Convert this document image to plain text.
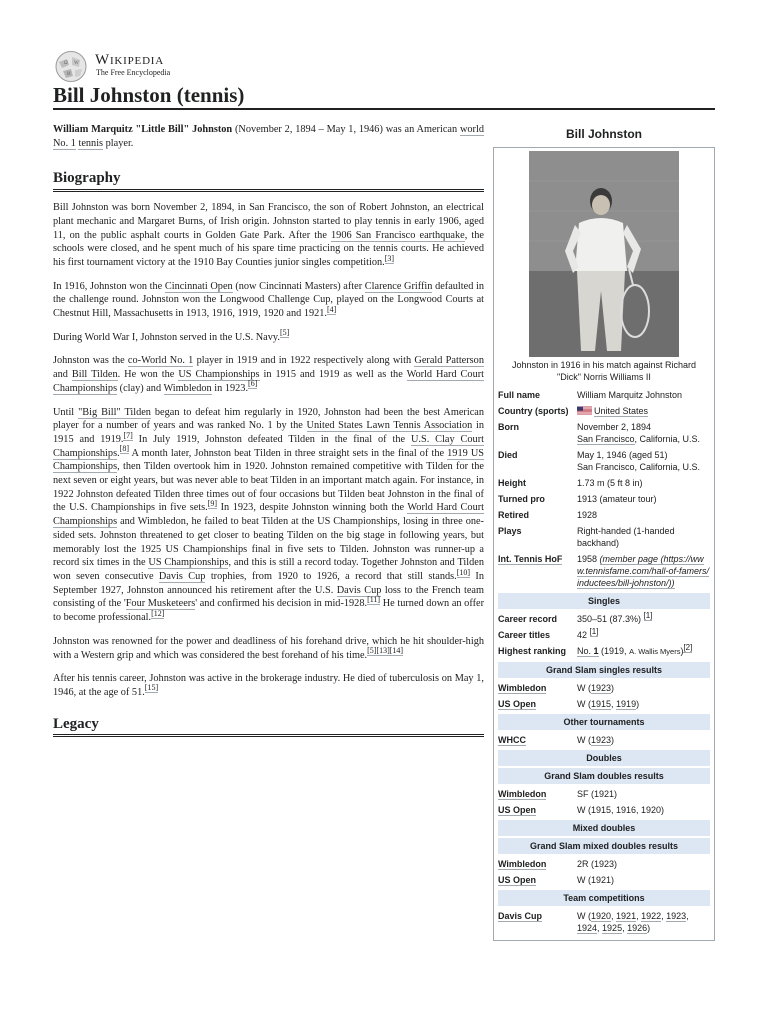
Ω W
И
Wikipedia
The Free Encyclopedia
Bill Johnston (tennis)

William Marquitz "Little Bill" Johnston (November 2, 1894 – May 1, 1946) was an American world No. 1 tennis player.

Biography

Bill Johnston was born November 2, 1894, in San Francisco, the son of Robert Johnston, an electrical plant mechanic and Margaret Burns, of Irish origin. Johnston started to play tennis in early 1906, aged 11, on the public asphalt courts in Golden Gate Park. After the 1906 San Francisco earthquake, the schools were closed, and he spent much of his spare time practicing on the tennis courts. He achieved his first tournament victory at the 1910 Bay Counties junior singles competition.[3]

In 1916, Johnston won the Cincinnati Open (now Cincinnati Masters) after Clarence Griffin defaulted in the challenge round. Johnston won the Longwood Challenge Cup, played on the Longwood Courts at Chestnut Hill, Massachusetts in 1913, 1916, 1919, 1920 and 1921.[4]

During World War I, Johnston served in the U.S. Navy.[5]

Johnston was the co-World No. 1 player in 1919 and in 1922 respectively along with Gerald Patterson and Bill Tilden. He won the US Championships in 1915 and 1919 as well as the World Hard Court Championships (clay) and Wimbledon in 1923.[6]

Until "Big Bill" Tilden began to defeat him regularly in 1920, Johnston had been the best American player for a number of years and was ranked No. 1 by the United States Lawn Tennis Association in 1915 and 1919.[7] In July 1919, Johnston defeated Tilden in the final of the U.S. Clay Court Championships.[8] A month later, Johnston beat Tilden in three straight sets in the final of the 1919 US Championships, then Tilden overtook him in 1920. Johnston remained competitive with Tilden for the next seven or eight years, but was never able to beat Tilden in an important match again. For instance, in 1922 Johnston defeated Tilden three times out of four occasions but Tilden beat Johnston in the final of the U.S. Championships in five sets.[9] In 1923, despite Johnston winning both the World Hard Court Championships and Wimbledon, he failed to beat Tilden at the US Championships, losing in three one-sided sets. Johnston threatened to get closer to beating Tilden on the big stage in following years, but memorably lost the 1925 US Championships final in five sets to Tilden. Johnston was runner-up a record six times in the US Championships, and this is still a record today. Together Johnston and Tilden won seven consecutive Davis Cup trophies, from 1920 to 1926, a record that still stands.[10] In September 1927, Johnston announced his retirement after the U.S. Davis Cup loss to the French team consisting of the 'Four Musketeers' and confirmed his decision in mid-1928.[11] He turned down an offer to become professional.[12]

Johnston was renowned for the power and deadliness of his forehand drive, which he hit shoulder-high with a Western grip and which was considered the best forehand of his time.[5][13][14]

After his tennis career, Johnston was active in the brokerage industry. He died of tuberculosis on May 1, 1946, at the age of 51.[15]

Legacy
Bill Johnston
Johnston in 1916 in his match against Richard "Dick" Norris Williams II
Full name	William Marquitz Johnston
Country (sports)	United States
Born	November 2, 1894
San Francisco, California, U.S.
Died	May 1, 1946 (aged 51)
San Francisco, California, U.S.
Height	1.73 m (5 ft 8 in)
Turned pro	1913 (amateur tour)
Retired	1928
Plays	Right-handed (1-handed backhand)
Int. Tennis HoF	1958 (member page (https://www.tennisfame.com/hall-of-famers/inductees/bill-johnston/))
Singles
Career record	350–51 (87.3%) [1]
Career titles	42 [1]
Highest ranking	No. 1 (1919, A. Wallis Myers)[2]
Grand Slam singles results
Wimbledon	W (1923)
US Open	W (1915, 1919)
Other tournaments
WHCC	W (1923)
Doubles
Grand Slam doubles results
Wimbledon	SF (1921)
US Open	W (1915, 1916, 1920)
Mixed doubles
Grand Slam mixed doubles results
Wimbledon	2R (1923)
US Open	W (1921)
Team competitions
Davis Cup	W (1920, 1921, 1922, 1923, 1924, 1925, 1926)
